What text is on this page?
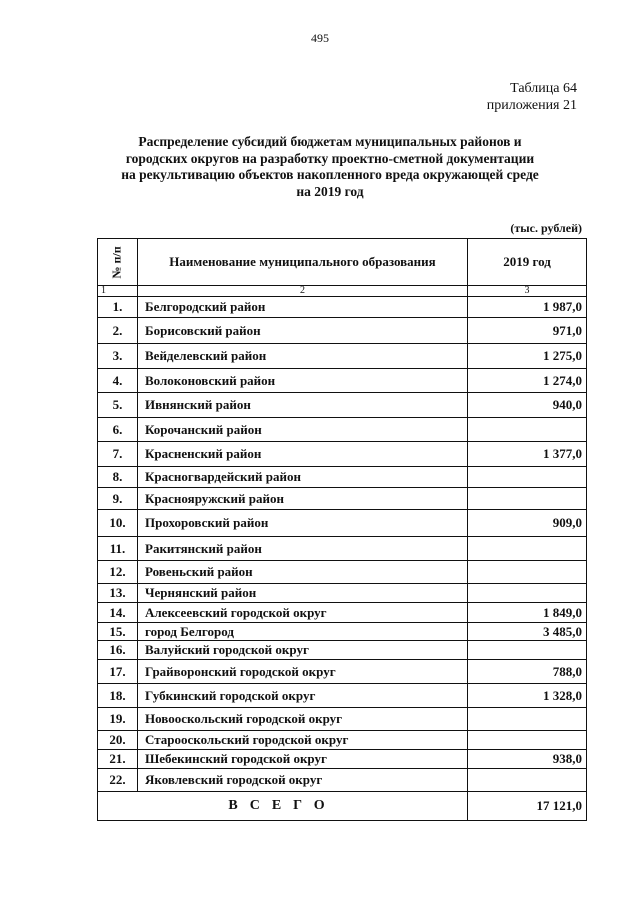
495
Таблица 64
приложения 21
Распределение субсидий бюджетам муниципальных районов и
городских округов на разработку проектно-сметной документации
на рекультивацию объектов накопленного вреда окружающей среде
на 2019 год
(тыс. рублей)
№ п/п	Наименование муниципального образования	2019 год
1	2	3
1.	Белгородский район	1 987,0
2.	Борисовский район	971,0
3.	Вейделевский район	1 275,0
4.	Волоконовский район	1 274,0
5.	Ивнянский район	940,0
6.	Корочанский район	
7.	Красненский район	1 377,0
8.	Красногвардейский район	
9.	Краснояружский район	
10.	Прохоровский район	909,0
11.	Ракитянский район	
12.	Ровеньский район	
13.	Чернянский район	
14.	Алексеевский городской округ	1 849,0
15.	город Белгород	3 485,0
16.	Валуйский городской округ	
17.	Грайворонский городской округ	788,0
18.	Губкинский городской округ	1 328,0
19.	Новооскольский городской округ	
20.	Старооскольский городской округ	
21.	Шебекинский городской округ	938,0
22.	Яковлевский городской округ	
ВСЕГО		17 121,0
